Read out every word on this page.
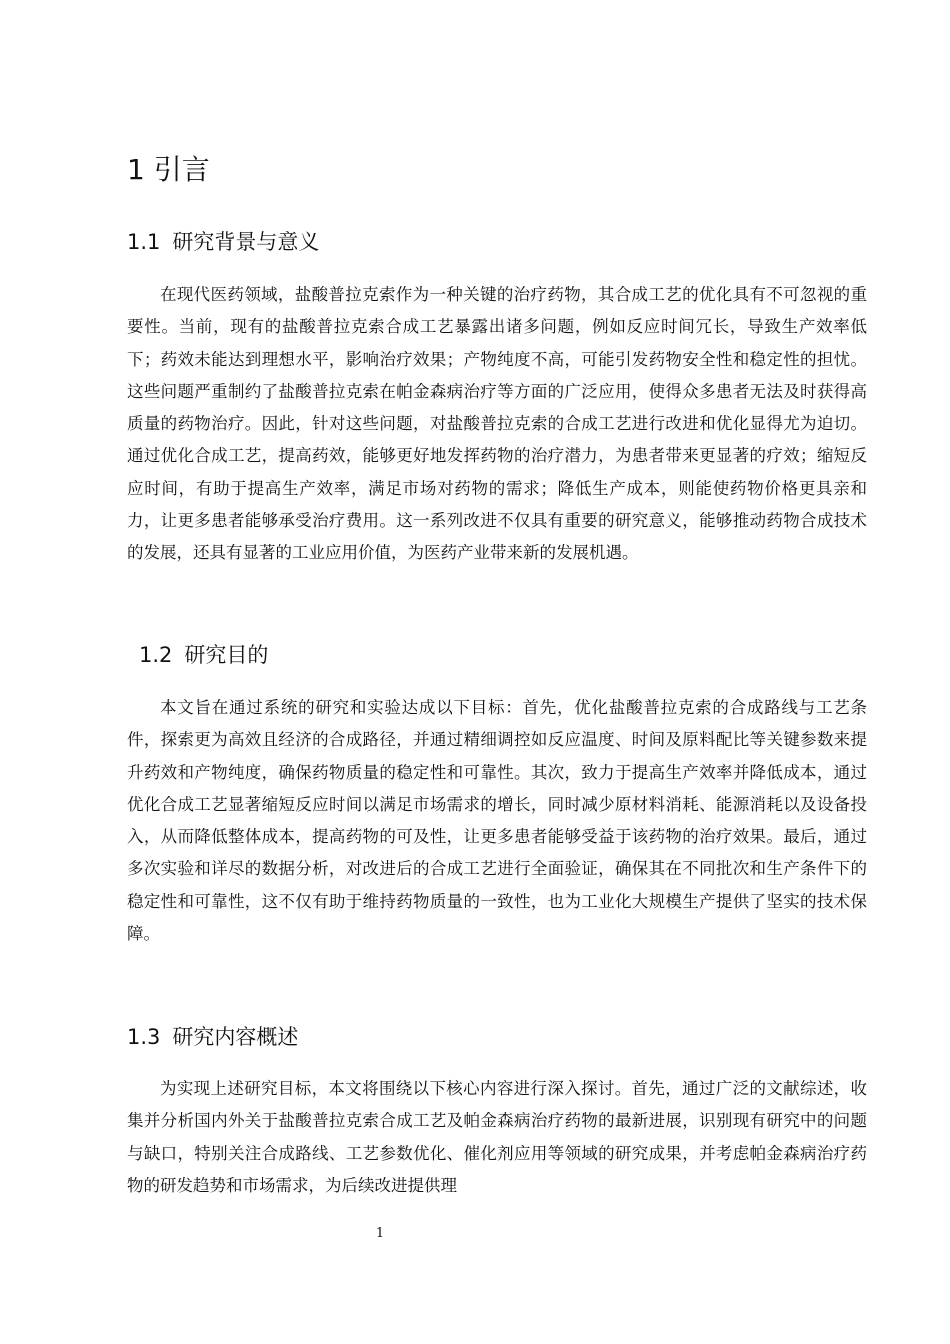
1 引言
1.1 研究背景与意义

在现代医药领域，盐酸普拉克索作为一种关键的治疗药物，其合成工艺的优化具有不可忽视的重要性。当前，现有的盐酸普拉克索合成工艺暴露出诸多问题，例如反应时间冗长，导致生产效率低下；药效未能达到理想水平，影响治疗效果；产物纯度不高，可能引发药物安全性和稳定性的担忧。这些问题严重制约了盐酸普拉克索在帕金森病治疗等方面的广泛应用，使得众多患者无法及时获得高质量的药物治疗。因此，针对这些问题，对盐酸普拉克索的合成工艺进行改进和优化显得尤为迫切。通过优化合成工艺，提高药效，能够更好地发挥药物的治疗潜力，为患者带来更显著的疗效；缩短反应时间，有助于提高生产效率，满足市场对药物的需求；降低生产成本，则能使药物价格更具亲和力，让更多患者能够承受治疗费用。这一系列改进不仅具有重要的研究意义，能够推动药物合成技术的发展，还具有显著的工业应用价值，为医药产业带来新的发展机遇。

1.2 研究目的

本文旨在通过系统的研究和实验达成以下目标：首先，优化盐酸普拉克索的合成路线与工艺条件，探索更为高效且经济的合成路径，并通过精细调控如反应温度、时间及原料配比等关键参数来提升药效和产物纯度，确保药物质量的稳定性和可靠性。其次，致力于提高生产效率并降低成本，通过优化合成工艺显著缩短反应时间以满足市场需求的增长，同时减少原材料消耗、能源消耗以及设备投入，从而降低整体成本，提高药物的可及性，让更多患者能够受益于该药物的治疗效果。最后，通过多次实验和详尽的数据分析，对改进后的合成工艺进行全面验证，确保其在不同批次和生产条件下的稳定性和可靠性，这不仅有助于维持药物质量的一致性，也为工业化大规模生产提供了坚实的技术保障。

1.3 研究内容概述

为实现上述研究目标，本文将围绕以下核心内容进行深入探讨。首先，通过广泛的文献综述，收集并分析国内外关于盐酸普拉克索合成工艺及帕金森病治疗药物的最新进展，识别现有研究中的问题与缺口，特别关注合成路线、工艺参数优化、催化剂应用等领域的研究成果，并考虑帕金森病治疗药物的研发趋势和市场需求，为后续改进提供理

1
